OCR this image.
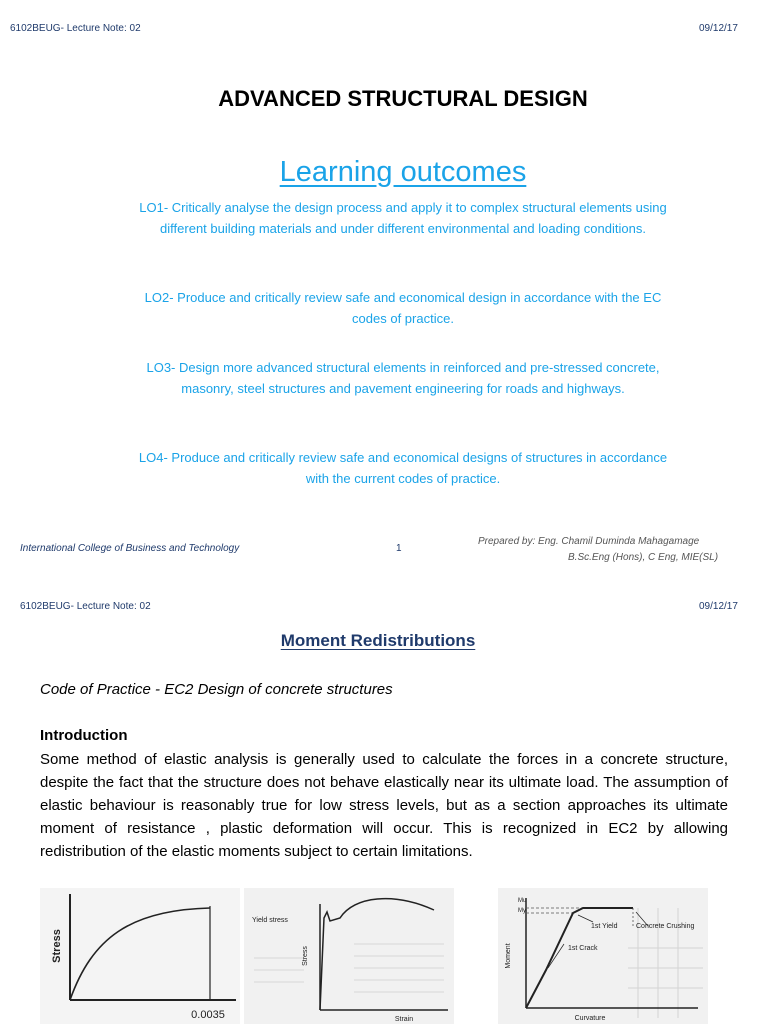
6102BEUG- Lecture Note: 02	09/12/17
ADVANCED STRUCTURAL DESIGN
Learning outcomes
LO1- Critically analyse the design process and apply it to complex structural elements using different building materials and under different environmental and loading conditions.
LO2- Produce and critically review safe and economical design in accordance with the EC codes of practice.
LO3- Design more advanced structural elements in reinforced and pre-stressed concrete, masonry, steel structures and pavement engineering for roads and highways.
LO4- Produce and critically review safe and economical designs of structures in accordance with the current codes of practice.
International College of Business and Technology	1
Prepared by: Eng. Chamil Duminda Mahagamage
B.Sc.Eng (Hons), C Eng, MIE(SL)
6102BEUG- Lecture Note: 02	09/12/17
Moment Redistributions
Code of Practice - EC2 Design of concrete structures
Introduction
Some method of elastic analysis is generally used to calculate the forces in a concrete structure, despite the fact that the structure does not behave elastically near its ultimate load. The assumption of elastic behaviour is reasonably true for low stress levels, but as a section approaches its ultimate moment of resistance , plastic deformation will occur. This is recognized in EC2 by allowing redistribution of the elastic moments subject to certain limitations.
Stress
0.0035
Yield stress
Stress
Strain
Mu
My
1st Yield	Concrete Crushing
1st Crack
Moment
Curvature
